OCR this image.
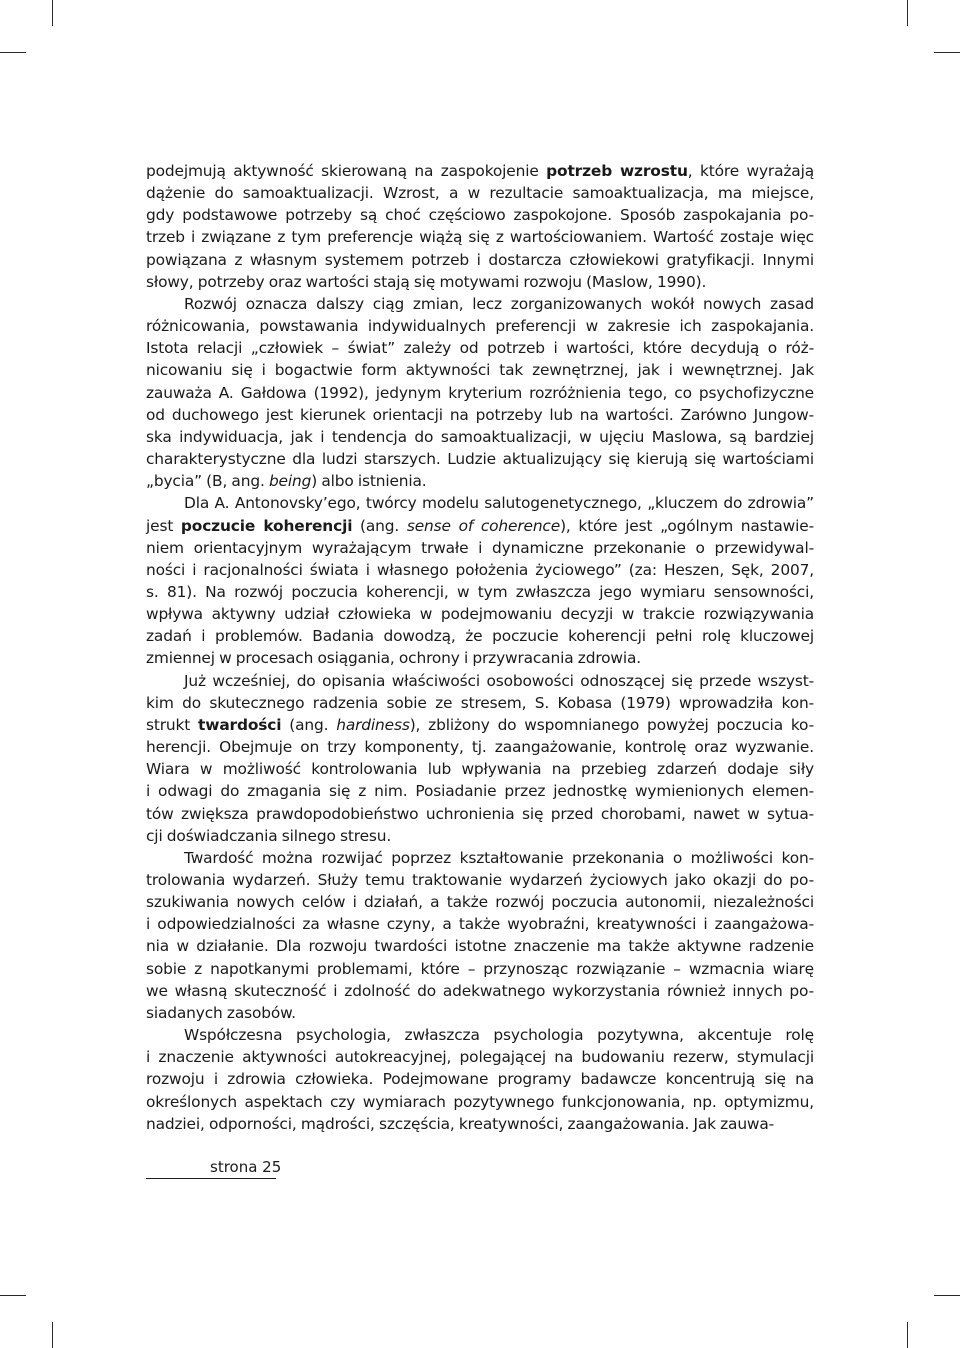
podejmują aktywność skierowaną na zaspokojenie potrzeb wzrostu, które wyrażają
dążenie do samoaktualizacji. Wzrost, a w rezultacie samoaktualizacja, ma miejsce,
gdy podstawowe potrzeby są choć częściowo zaspokojone. Sposób zaspokajania po-
trzeb i związane z tym preferencje wiążą się z wartościowaniem. Wartość zostaje więc
powiązana z własnym systemem potrzeb i dostarcza człowiekowi gratyfikacji. Innymi
słowy, potrzeby oraz wartości stają się motywami rozwoju (Maslow, 1990).
Rozwój oznacza dalszy ciąg zmian, lecz zorganizowanych wokół nowych zasad
różnicowania, powstawania indywidualnych preferencji w zakresie ich zaspokajania.
Istota relacji „człowiek – świat” zależy od potrzeb i wartości, które decydują o róż-
nicowaniu się i bogactwie form aktywności tak zewnętrznej, jak i wewnętrznej. Jak
zauważa A. Gałdowa (1992), jedynym kryterium rozróżnienia tego, co psychofizyczne
od duchowego jest kierunek orientacji na potrzeby lub na wartości. Zarówno Jungow-
ska indywiduacja, jak i tendencja do samoaktualizacji, w ujęciu Maslowa, są bardziej
charakterystyczne dla ludzi starszych. Ludzie aktualizujący się kierują się wartościami
„bycia” (B, ang. being) albo istnienia.
Dla A. Antonovsky’ego, twórcy modelu salutogenetycznego, „kluczem do zdrowia”
jest poczucie koherencji (ang. sense of coherence), które jest „ogólnym nastawie-
niem orientacyjnym wyrażającym trwałe i dynamiczne przekonanie o przewidywal-
ności i racjonalności świata i własnego położenia życiowego” (za: Heszen, Sęk, 2007,
s. 81). Na rozwój poczucia koherencji, w tym zwłaszcza jego wymiaru sensowności,
wpływa aktywny udział człowieka w podejmowaniu decyzji w trakcie rozwiązywania
zadań i problemów. Badania dowodzą, że poczucie koherencji pełni rolę kluczowej
zmiennej w procesach osiągania, ochrony i przywracania zdrowia.
Już wcześniej, do opisania właściwości osobowości odnoszącej się przede wszyst-
kim do skutecznego radzenia sobie ze stresem, S. Kobasa (1979) wprowadziła kon-
strukt twardości (ang. hardiness), zbliżony do wspomnianego powyżej poczucia ko-
herencji. Obejmuje on trzy komponenty, tj. zaangażowanie, kontrolę oraz wyzwanie.
Wiara w możliwość kontrolowania lub wpływania na przebieg zdarzeń dodaje siły
i odwagi do zmagania się z nim. Posiadanie przez jednostkę wymienionych elemen-
tów zwiększa prawdopodobieństwo uchronienia się przed chorobami, nawet w sytua-
cji doświadczania silnego stresu.
Twardość można rozwijać poprzez kształtowanie przekonania o możliwości kon-
trolowania wydarzeń. Służy temu traktowanie wydarzeń życiowych jako okazji do po-
szukiwania nowych celów i działań, a także rozwój poczucia autonomii, niezależności
i odpowiedzialności za własne czyny, a także wyobraźni, kreatywności i zaangażowa-
nia w działanie. Dla rozwoju twardości istotne znaczenie ma także aktywne radzenie
sobie z napotkanymi problemami, które – przynosząc rozwiązanie – wzmacnia wiarę
we własną skuteczność i zdolność do adekwatnego wykorzystania również innych po-
siadanych zasobów.
Współczesna psychologia, zwłaszcza psychologia pozytywna, akcentuje rolę
i znaczenie aktywności autokreacyjnej, polegającej na budowaniu rezerw, stymulacji
rozwoju i zdrowia człowieka. Podejmowane programy badawcze koncentrują się na
określonych aspektach czy wymiarach pozytywnego funkcjonowania, np. optymizmu,
nadziei, odporności, mądrości, szczęścia, kreatywności, zaangażowania. Jak zauwa-
strona 25
